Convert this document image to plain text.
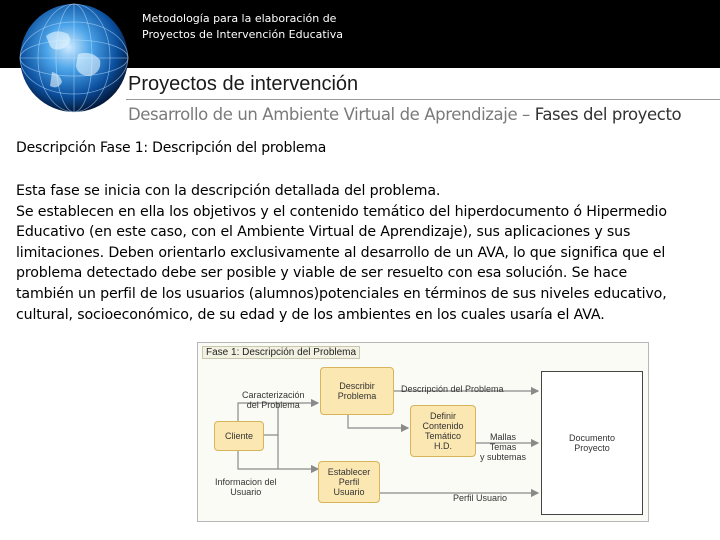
Metodología para la elaboración de
Proyectos de Intervención Educativa
Proyectos de intervención
Desarrollo de un Ambiente Virtual de Aprendizaje – Fases del proyecto
Descripción Fase 1: Descripción del problema

Esta fase se inicia con la descripción detallada del problema.

Se establecen en ella los objetivos y el contenido temático del hiperdocumento ó Hipermedio

Educativo (en este caso, con el Ambiente Virtual de Aprendizaje), sus aplicaciones y sus

limitaciones. Deben orientarlo exclusivamente al desarrollo de un AVA, lo que significa que el

problema detectado debe ser posible y viable de ser resuelto con esa solución. Se hace

también un perfil de los usuarios (alumnos)potenciales en términos de sus niveles educativo,

cultural, socioeconómico, de su edad y de los ambientes en los cuales usaría el AVA.

Fase 1: Descripción del Problema
Caracterización
del Problema
Cliente
Informacion del
Usuario
Describir
Problema
Descripción del Problema
Definir
Contenido
Temático
H.D.
Mallas
Temas
y subtemas
Establecer
Perfil
Usuario
Perfil Usuario
Documento
Proyecto
